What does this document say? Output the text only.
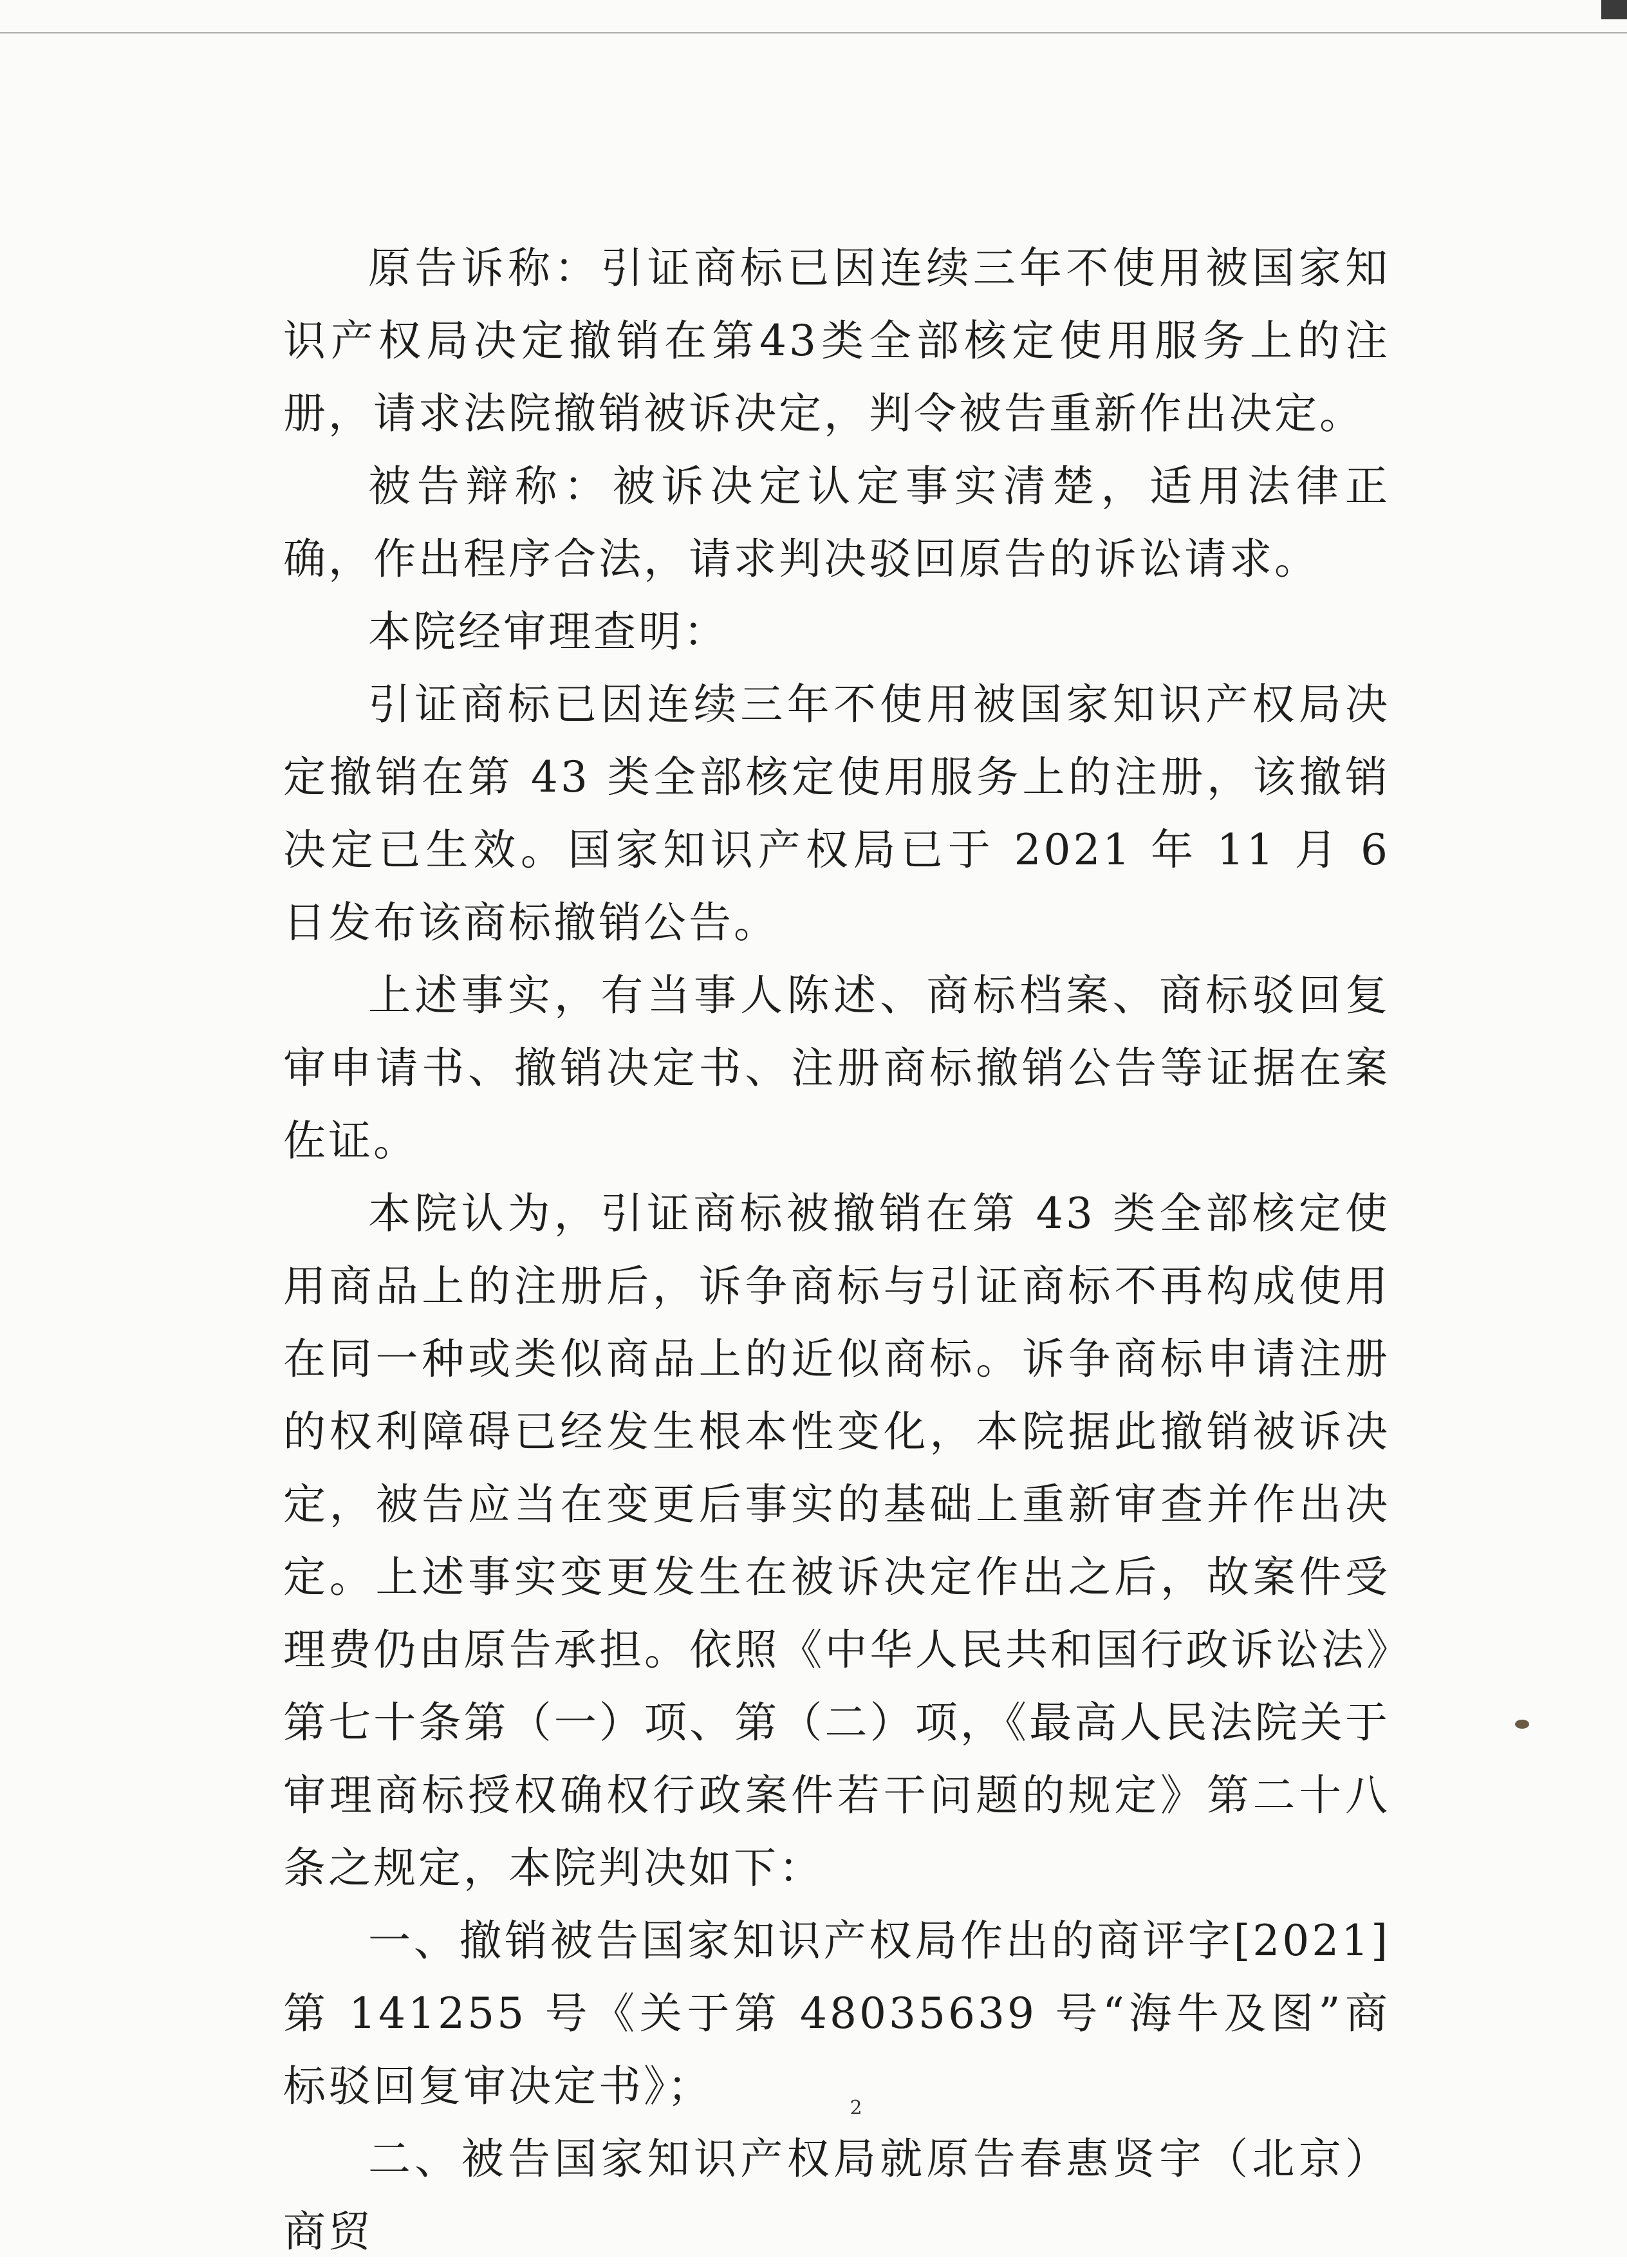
原告诉称：引证商标已因连续三年不使用被国家知识产权局决定撤销在第43类全部核定使用服务上的注册，请求法院撤销被诉决定，判令被告重新作出决定。

被告辩称：被诉决定认定事实清楚，适用法律正确，作出程序合法，请求判决驳回原告的诉讼请求。

本院经审理查明：

引证商标已因连续三年不使用被国家知识产权局决定撤销在第 43 类全部核定使用服务上的注册，该撤销决定已生效。国家知识产权局已于 2021 年 11 月 6 日发布该商标撤销公告。

上述事实，有当事人陈述、商标档案、商标驳回复审申请书、撤销决定书、注册商标撤销公告等证据在案佐证。

本院认为，引证商标被撤销在第 43 类全部核定使用商品上的注册后，诉争商标与引证商标不再构成使用在同一种或类似商品上的近似商标。诉争商标申请注册的权利障碍已经发生根本性变化，本院据此撤销被诉决定，被告应当在变更后事实的基础上重新审查并作出决定。上述事实变更发生在被诉决定作出之后，故案件受理费仍由原告承担。依照《中华人民共和国行政诉讼法》第七十条第（一）项、第（二）项，《最高人民法院关于审理商标授权确权行政案件若干问题的规定》第二十八条之规定，本院判决如下：

一、撤销被告国家知识产权局作出的商评字[2021]第 141255 号《关于第 48035639 号“海牛及图”商标驳回复审决定书》；

二、被告国家知识产权局就原告春惠贤宇（北京）商贸

2
